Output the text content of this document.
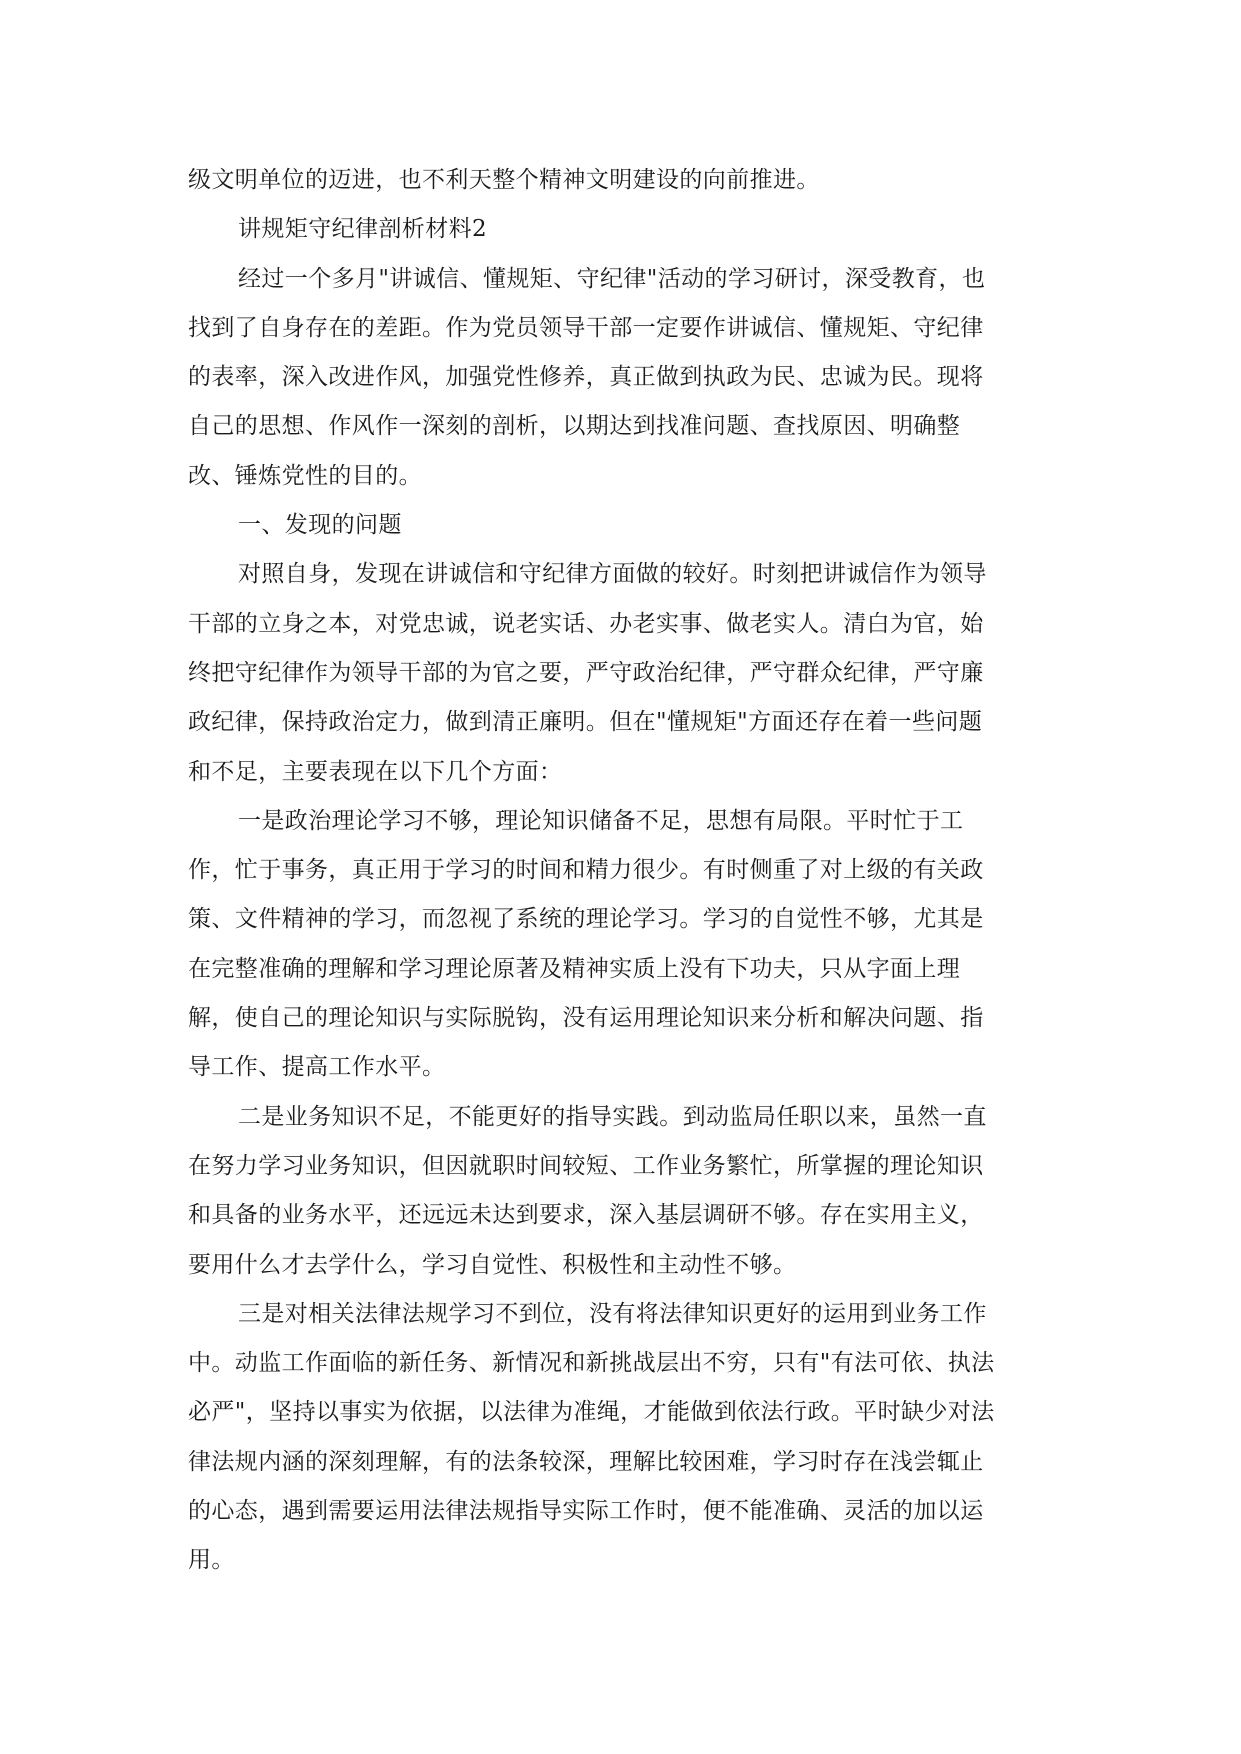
级文明单位的迈进，也不利天整个精神文明建设的向前推进。
讲规矩守纪律剖析材料2
经过一个多月"讲诚信、懂规矩、守纪律"活动的学习研讨，深受教育，也
找到了自身存在的差距。作为党员领导干部一定要作讲诚信、懂规矩、守纪律
的表率，深入改进作风，加强党性修养，真正做到执政为民、忠诚为民。现将
自己的思想、作风作一深刻的剖析，以期达到找准问题、查找原因、明确整
改、锤炼党性的目的。
一、发现的问题
对照自身，发现在讲诚信和守纪律方面做的较好。时刻把讲诚信作为领导
干部的立身之本，对党忠诚，说老实话、办老实事、做老实人。清白为官，始
终把守纪律作为领导干部的为官之要，严守政治纪律，严守群众纪律，严守廉
政纪律，保持政治定力，做到清正廉明。但在"懂规矩"方面还存在着一些问题
和不足，主要表现在以下几个方面：
一是政治理论学习不够，理论知识储备不足，思想有局限。平时忙于工
作，忙于事务，真正用于学习的时间和精力很少。有时侧重了对上级的有关政
策、文件精神的学习，而忽视了系统的理论学习。学习的自觉性不够，尤其是
在完整准确的理解和学习理论原著及精神实质上没有下功夫，只从字面上理
解，使自己的理论知识与实际脱钩，没有运用理论知识来分析和解决问题、指
导工作、提高工作水平。
二是业务知识不足，不能更好的指导实践。到动监局任职以来，虽然一直
在努力学习业务知识，但因就职时间较短、工作业务繁忙，所掌握的理论知识
和具备的业务水平，还远远未达到要求，深入基层调研不够。存在实用主义，
要用什么才去学什么，学习自觉性、积极性和主动性不够。
三是对相关法律法规学习不到位，没有将法律知识更好的运用到业务工作
中。动监工作面临的新任务、新情况和新挑战层出不穷，只有"有法可依、执法
必严"，坚持以事实为依据，以法律为准绳，才能做到依法行政。平时缺少对法
律法规内涵的深刻理解，有的法条较深，理解比较困难，学习时存在浅尝辄止
的心态，遇到需要运用法律法规指导实际工作时，便不能准确、灵活的加以运
用。
